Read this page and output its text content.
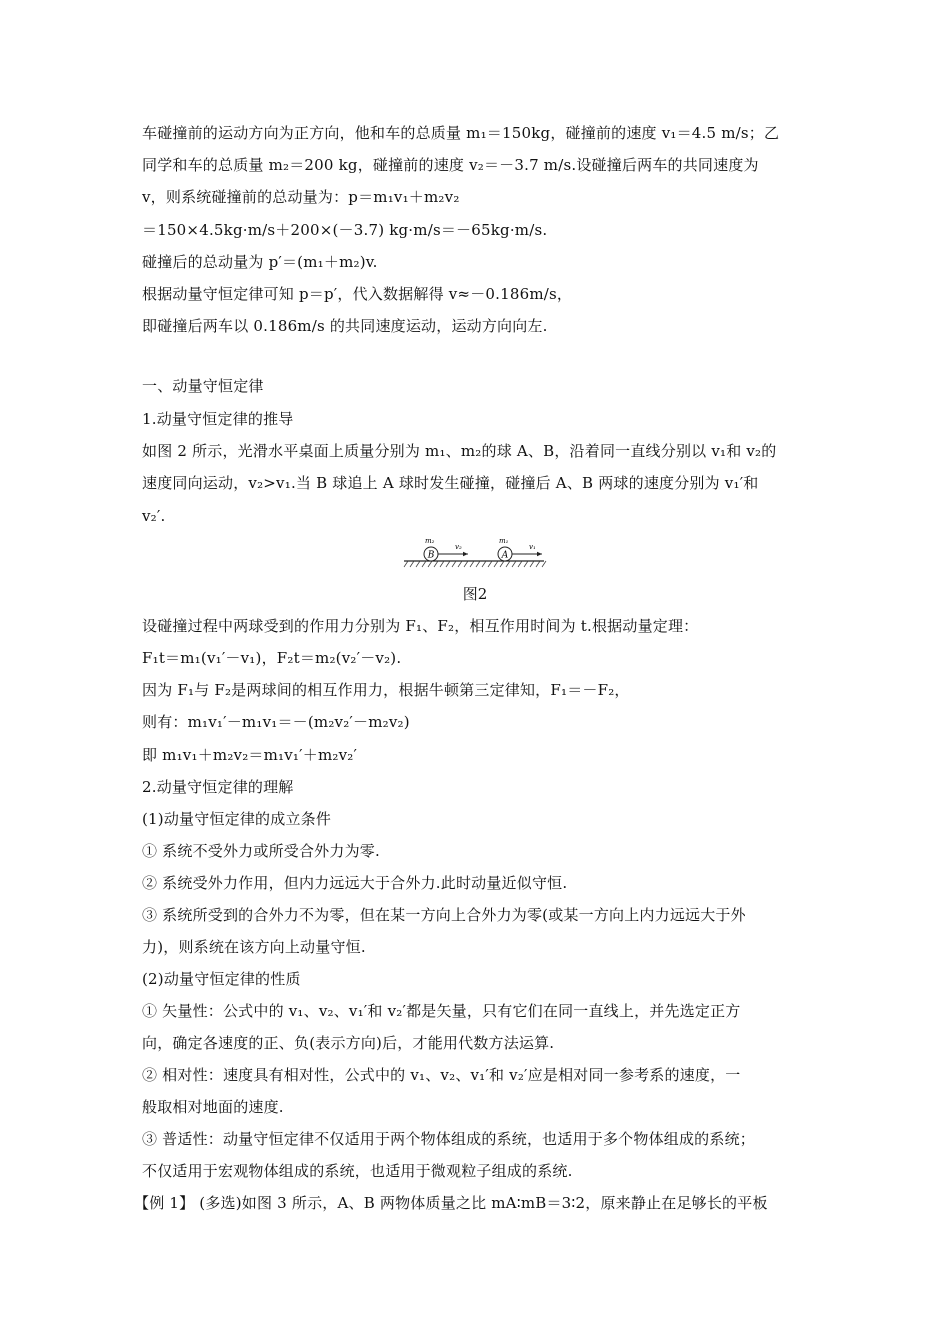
车碰撞前的运动方向为正方向，他和车的总质量 m₁＝150kg，碰撞前的速度 v₁＝4.5 m/s；乙
同学和车的总质量 m₂＝200 kg，碰撞前的速度 v₂＝－3.7 m/s.设碰撞后两车的共同速度为
v，则系统碰撞前的总动量为：p＝m₁v₁＋m₂v₂
＝150×4.5kg·m/s＋200×(－3.7) kg·m/s＝－65kg·m/s.
碰撞后的总动量为 p′＝(m₁＋m₂)v.
根据动量守恒定律可知 p＝p′，代入数据解得 v≈－0.186m/s，
即碰撞后两车以 0.186m/s 的共同速度运动，运动方向向左.
一、动量守恒定律
1.动量守恒定律的推导
如图 2 所示，光滑水平桌面上质量分别为 m₁、m₂的球 A、B，沿着同一直线分别以 v₁和 v₂的
速度同向运动，v₂>v₁.当 B 球追上 A 球时发生碰撞，碰撞后 A、B 两球的速度分别为 v₁′和
v₂′.
B
m₂
v₂
A
m₁
v₁
图2
设碰撞过程中两球受到的作用力分别为 F₁、F₂，相互作用时间为 t.根据动量定理：
F₁t＝m₁(v₁′－v₁)，F₂t＝m₂(v₂′－v₂).
因为 F₁与 F₂是两球间的相互作用力，根据牛顿第三定律知，F₁＝－F₂，
则有：m₁v₁′－m₁v₁＝－(m₂v₂′－m₂v₂)
即 m₁v₁＋m₂v₂＝m₁v₁′＋m₂v₂′
2.动量守恒定律的理解
(1)动量守恒定律的成立条件
① 系统不受外力或所受合外力为零.
② 系统受外力作用，但内力远远大于合外力.此时动量近似守恒.
③ 系统所受到的合外力不为零，但在某一方向上合外力为零(或某一方向上内力远远大于外
力)，则系统在该方向上动量守恒.
(2)动量守恒定律的性质
① 矢量性：公式中的 v₁、v₂、v₁′和 v₂′都是矢量，只有它们在同一直线上，并先选定正方
向，确定各速度的正、负(表示方向)后，才能用代数方法运算.
② 相对性：速度具有相对性，公式中的 v₁、v₂、v₁′和 v₂′应是相对同一参考系的速度，一
般取相对地面的速度.
③ 普适性：动量守恒定律不仅适用于两个物体组成的系统，也适用于多个物体组成的系统；
不仅适用于宏观物体组成的系统，也适用于微观粒子组成的系统.
【例 1】 (多选)如图 3 所示，A、B 两物体质量之比 mA∶mB＝3∶2，原来静止在足够长的平板
